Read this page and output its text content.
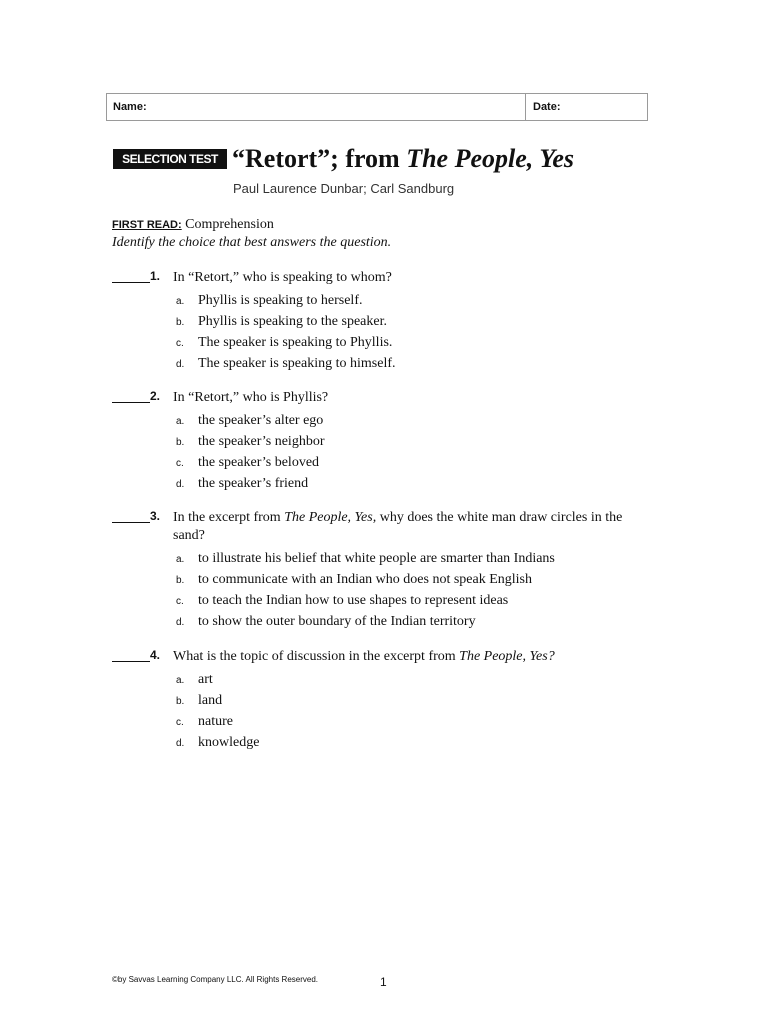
Name:	Date:
SELECTION TEST “Retort”; from The People, Yes
Paul Laurence Dunbar; Carl Sandburg
FIRST READ: Comprehension
Identify the choice that best answers the question.
1. In “Retort,” who is speaking to whom?
a. Phyllis is speaking to herself.
b. Phyllis is speaking to the speaker.
c. The speaker is speaking to Phyllis.
d. The speaker is speaking to himself.
2. In “Retort,” who is Phyllis?
a. the speaker’s alter ego
b. the speaker’s neighbor
c. the speaker’s beloved
d. the speaker’s friend
3. In the excerpt from The People, Yes, why does the white man draw circles in the sand?
a. to illustrate his belief that white people are smarter than Indians
b. to communicate with an Indian who does not speak English
c. to teach the Indian how to use shapes to represent ideas
d. to show the outer boundary of the Indian territory
4. What is the topic of discussion in the excerpt from The People, Yes?
a. art
b. land
c. nature
d. knowledge
©by Savvas Learning Company LLC. All Rights Reserved.	1
